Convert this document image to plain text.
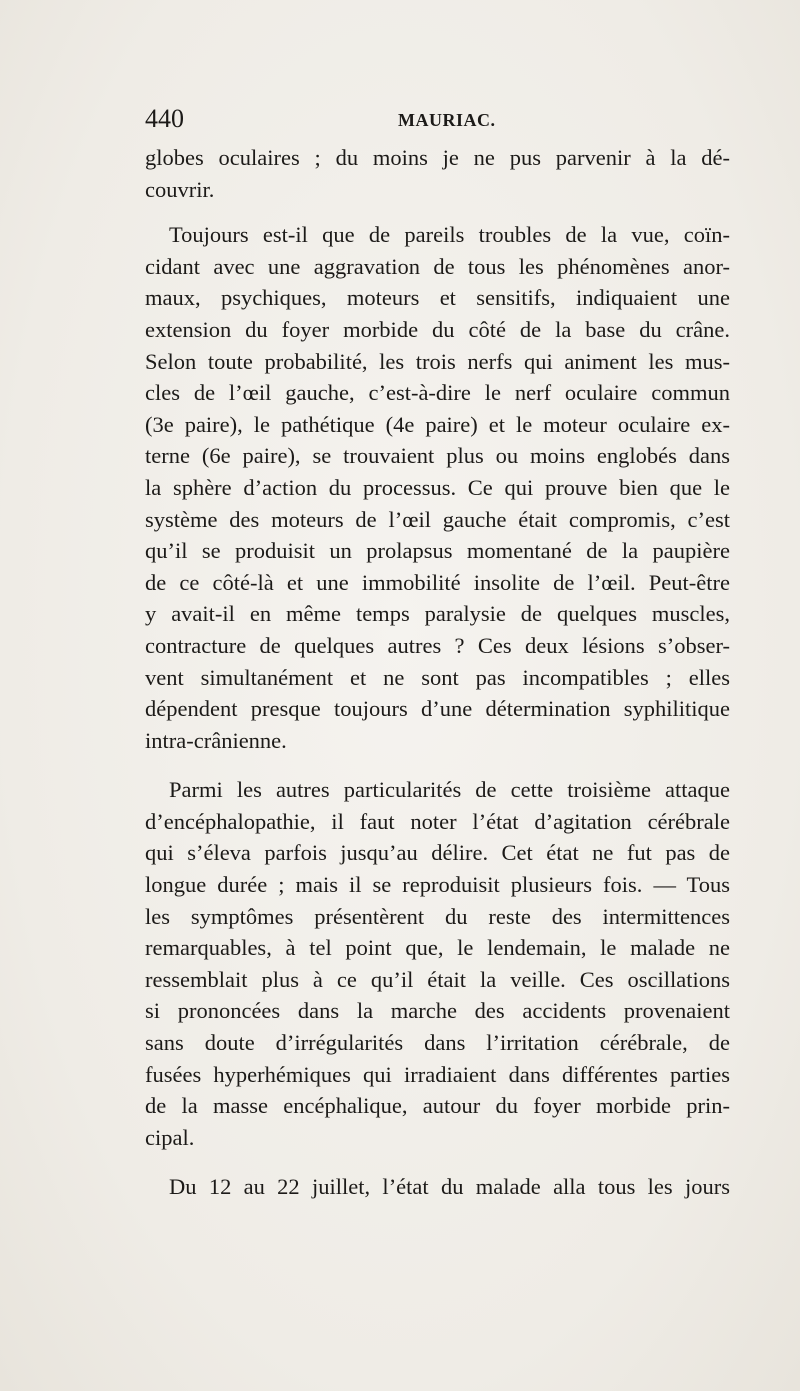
440	MAURIAC.
globes oculaires ; du moins je ne pus parvenir à la dé-
couvrir.
Toujours est-il que de pareils troubles de la vue, coïn-
cidant avec une aggravation de tous les phénomènes anor-
maux, psychiques, moteurs et sensitifs, indiquaient une
extension du foyer morbide du côté de la base du crâne.
Selon toute probabilité, les trois nerfs qui animent les mus-
cles de l’œil gauche, c’est-à-dire le nerf oculaire commun
(3e paire), le pathétique (4e paire) et le moteur oculaire ex-
terne (6e paire), se trouvaient plus ou moins englobés dans
la sphère d’action du processus. Ce qui prouve bien que le
système des moteurs de l’œil gauche était compromis, c’est
qu’il se produisit un prolapsus momentané de la paupière
de ce côté-là et une immobilité insolite de l’œil. Peut-être
y avait-il en même temps paralysie de quelques muscles,
contracture de quelques autres ? Ces deux lésions s’obser-
vent simultanément et ne sont pas incompatibles ; elles
dépendent presque toujours d’une détermination syphilitique
intra-crânienne.
Parmi les autres particularités de cette troisième attaque
d’encéphalopathie, il faut noter l’état d’agitation cérébrale
qui s’éleva parfois jusqu’au délire. Cet état ne fut pas de
longue durée ; mais il se reproduisit plusieurs fois. — Tous
les symptômes présentèrent du reste des intermittences
remarquables, à tel point que, le lendemain, le malade ne
ressemblait plus à ce qu’il était la veille. Ces oscillations
si prononcées dans la marche des accidents provenaient
sans doute d’irrégularités dans l’irritation cérébrale, de
fusées hyperhémiques qui irradiaient dans différentes parties
de la masse encéphalique, autour du foyer morbide prin-
cipal.
Du 12 au 22 juillet, l’état du malade alla tous les jours
